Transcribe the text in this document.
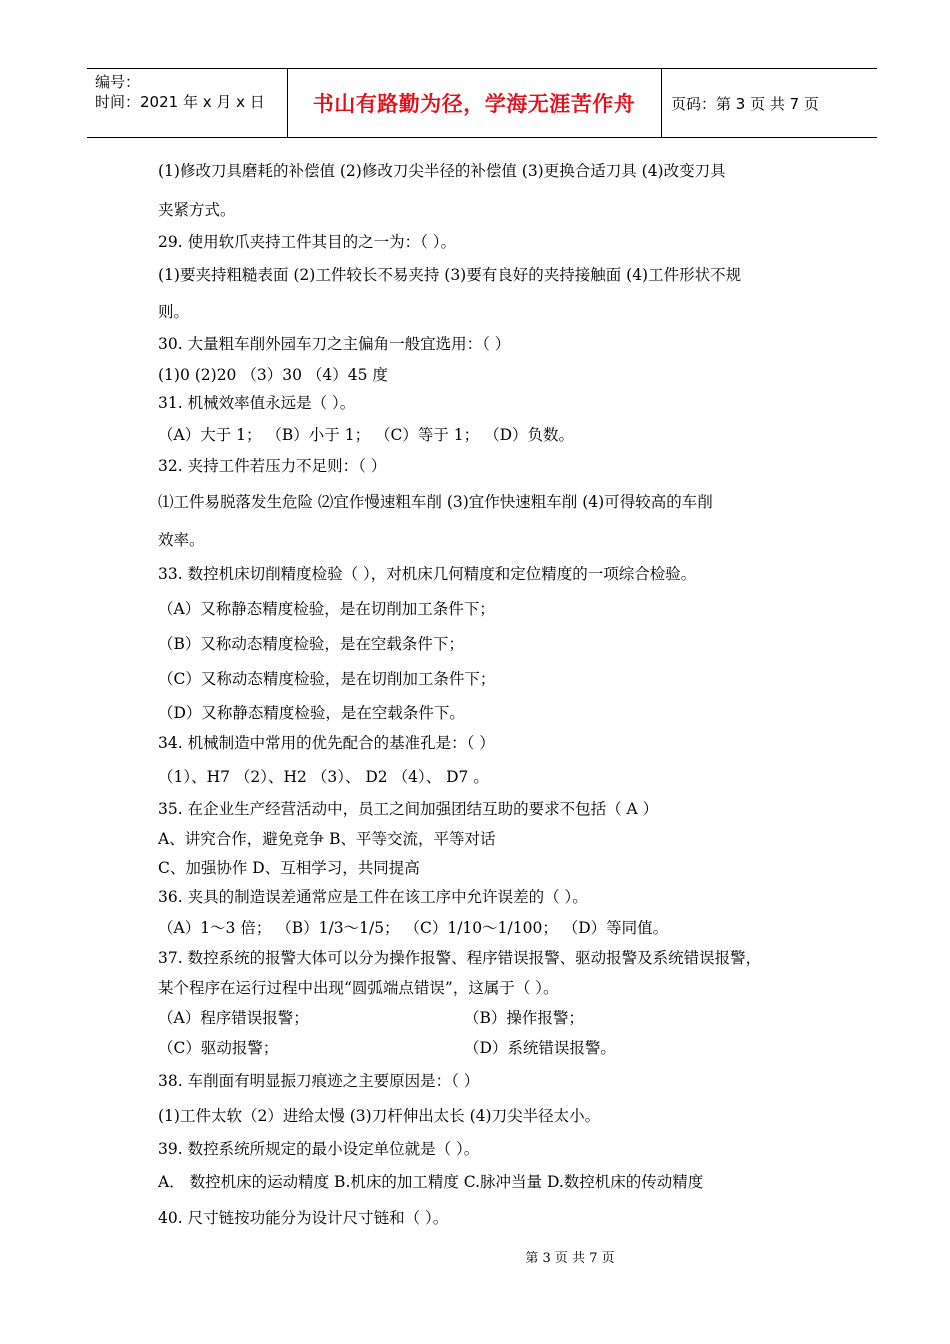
编号：
时间：2021 年 x 月 x 日 书山有路勤为径，学海无涯苦作舟 页码：第 3 页 共 7 页
(1)修改刀具磨耗的补偿值 (2)修改刀尖半径的补偿值 (3)更换合适刀具 (4)改变刀具
夹紧方式。
29. 使用软爪夹持工件其目的之一为：（ ）。
(1)要夹持粗糙表面 (2)工件较长不易夹持 (3)要有良好的夹持接触面 (4)工件形状不规
则。
30. 大量粗车削外园车刀之主偏角一般宜选用：（ ）
(1)0 (2)20 （3）30 （4）45 度
31. 机械效率值永远是（ ）。
（A）大于 1； （B）小于 1； （C）等于 1； （D）负数。
32. 夹持工件若压力不足则：（ ）
⑴工件易脱落发生危险 ⑵宜作慢速粗车削 (3)宜作快速粗车削 (4)可得较高的车削
效率。
33. 数控机床切削精度检验（ ），对机床几何精度和定位精度的一项综合检验。
（A）又称静态精度检验，是在切削加工条件下；
（B）又称动态精度检验，是在空载条件下；
（C）又称动态精度检验，是在切削加工条件下；
（D）又称静态精度检验，是在空载条件下。
34. 机械制造中常用的优先配合的基准孔是：（ ）
（1）、H7 （2）、H2 （3）、 D2 （4）、 D7 。
35. 在企业生产经营活动中，员工之间加强团结互助的要求不包括（ A ）
A、讲究合作，避免竞争 B、平等交流，平等对话
C、加强协作 D、互相学习，共同提高
36. 夹具的制造误差通常应是工件在该工序中允许误差的（ ）。
（A）1～3 倍； （B）1/3～1/5； （C）1/10～1/100； （D）等同值。
37. 数控系统的报警大体可以分为操作报警、程序错误报警、驱动报警及系统错误报警，
某个程序在运行过程中出现“圆弧端点错误”，这属于（ ）。
（A）程序错误报警；	（B）操作报警；
（C）驱动报警；	（D）系统错误报警。
38. 车削面有明显振刀痕迹之主要原因是：（ ）
(1)工件太软（2）进给太慢 (3)刀杆伸出太长 (4)刀尖半径太小。
39. 数控系统所规定的最小设定单位就是（ ）。
A． 数控机床的运动精度 B.机床的加工精度 C.脉冲当量 D.数控机床的传动精度
40. 尺寸链按功能分为设计尺寸链和（ ）。
第 3 页 共 7 页
